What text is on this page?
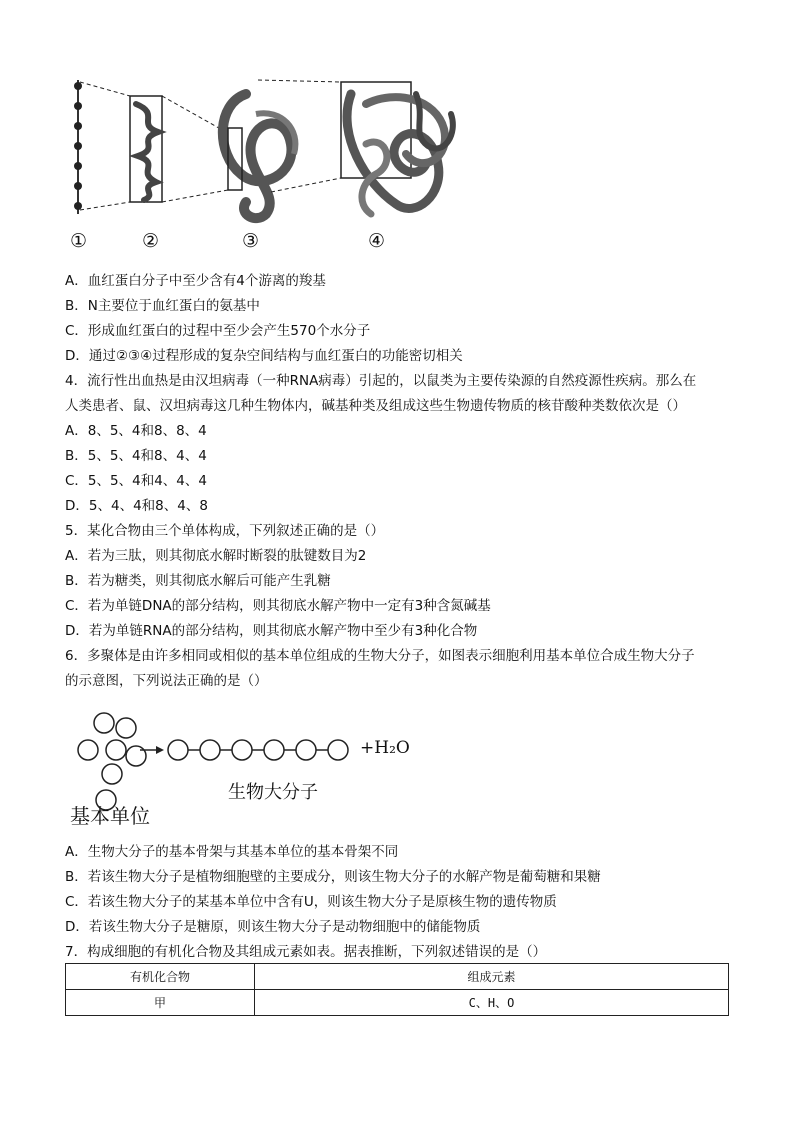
①	②	③	④
A．血红蛋白分子中至少含有4个游离的羧基
B．N主要位于血红蛋白的氨基中
C．形成血红蛋白的过程中至少会产生570个水分子
D．通过②③④过程形成的复杂空间结构与血红蛋白的功能密切相关
4．流行性出血热是由汉坦病毒（一种RNA病毒）引起的，以鼠类为主要传染源的自然疫源性疾病。那么在
人类患者、鼠、汉坦病毒这几种生物体内，碱基种类及组成这些生物遗传物质的核苷酸种类数依次是（）
A．8、5、4和8、8、4
B．5、5、4和8、4、4
C．5、5、4和4、4、4
D．5、4、4和8、4、8
5．某化合物由三个单体构成，下列叙述正确的是（）
A．若为三肽，则其彻底水解时断裂的肽键数目为2
B．若为糖类，则其彻底水解后可能产生乳糖
C．若为单链DNA的部分结构，则其彻底水解产物中一定有3种含氮碱基
D．若为单链RNA的部分结构，则其彻底水解产物中至少有3种化合物
6．多聚体是由许多相同或相似的基本单位组成的生物大分子，如图表示细胞利用基本单位合成生物大分子
的示意图，下列说法正确的是（）
+H₂O
生物大分子
基本单位
A．生物大分子的基本骨架与其基本单位的基本骨架不同
B．若该生物大分子是植物细胞壁的主要成分，则该生物大分子的水解产物是葡萄糖和果糖
C．若该生物大分子的某基本单位中含有U，则该生物大分子是原核生物的遗传物质
D．若该生物大分子是糖原，则该生物大分子是动物细胞中的储能物质
7．构成细胞的有机化合物及其组成元素如表。据表推断，下列叙述错误的是（）
有机化合物	组成元素
甲	C、H、O
